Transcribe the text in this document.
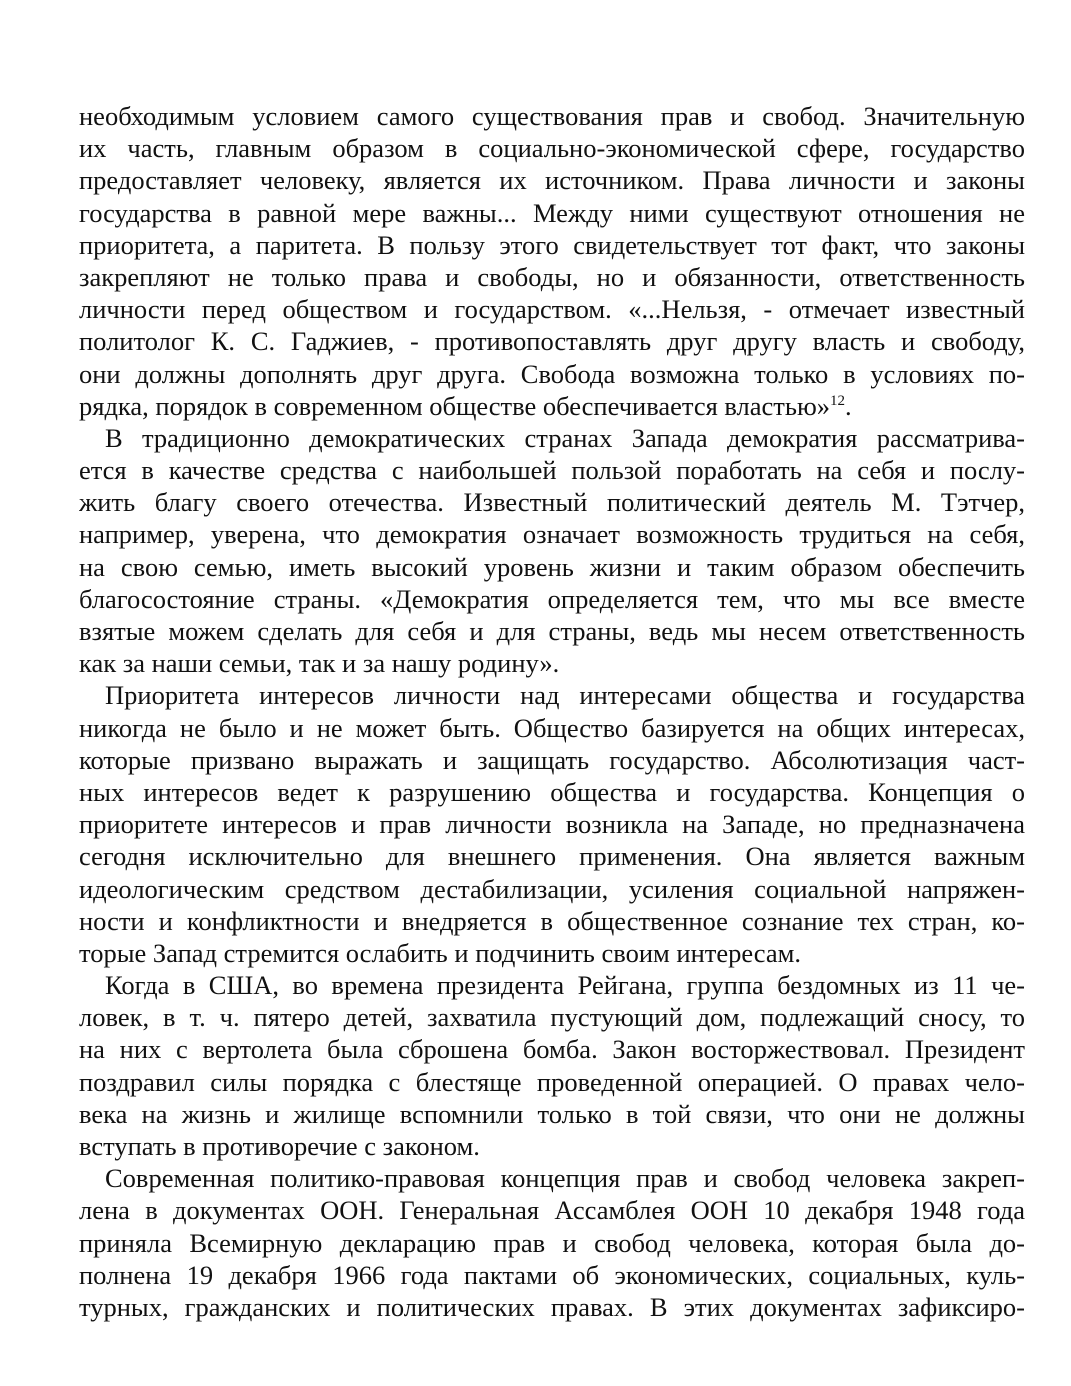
необходимым условием самого существования прав и свобод. Значительную
их часть, главным образом в социально-экономической сфере, государство
предоставляет человеку, является их источником. Права личности и законы
государства в равной мере важны... Между ними существуют отношения не
приоритета, а паритета. В пользу этого свидетельствует тот факт, что законы
закрепляют не только права и свободы, но и обязанности, ответственность
личности перед обществом и государством. «...Нельзя, - отмечает известный
политолог К. С. Гаджиев, - противопоставлять друг другу власть и свободу,
они должны дополнять друг друга. Свобода возможна только в условиях по-
рядка, порядок в современном обществе обеспечивается властью»$^{12}$.
В традиционно демократических странах Запада демократия рассматрива-
ется в качестве средства с наибольшей пользой поработать на себя и послу-
жить благу своего отечества. Известный политический деятель М. Тэтчер,
например, уверена, что демократия означает возможность трудиться на себя,
на свою семью, иметь высокий уровень жизни и таким образом обеспечить
благосостояние страны. «Демократия определяется тем, что мы все вместе
взятые можем сделать для себя и для страны, ведь мы несем ответственность
как за наши семьи, так и за нашу родину».
Приоритета интересов личности над интересами общества и государства
никогда не было и не может быть. Общество базируется на общих интересах,
которые призвано выражать и защищать государство. Абсолютизация част-
ных интересов ведет к разрушению общества и государства. Концепция о
приоритете интересов и прав личности возникла на Западе, но предназначена
сегодня исключительно для внешнего применения. Она является важным
идеологическим средством дестабилизации, усиления социальной напряжен-
ности и конфликтности и внедряется в общественное сознание тех стран, ко-
торые Запад стремится ослабить и подчинить своим интересам.
Когда в США, во времена президента Рейгана, группа бездомных из 11 че-
ловек, в т. ч. пятеро детей, захватила пустующий дом, подлежащий сносу, то
на них с вертолета была сброшена бомба. Закон восторжествовал. Президент
поздравил силы порядка с блестяще проведенной операцией. О правах чело-
века на жизнь и жилище вспомнили только в той связи, что они не должны
вступать в противоречие с законом.
Современная политико-правовая концепция прав и свобод человека закреп-
лена в документах ООН. Генеральная Ассамблея ООН 10 декабря 1948 года
приняла Всемирную декларацию прав и свобод человека, которая была до-
полнена 19 декабря 1966 года пактами об экономических, социальных, куль-
турных, гражданских и политических правах. В этих документах зафиксиро-
